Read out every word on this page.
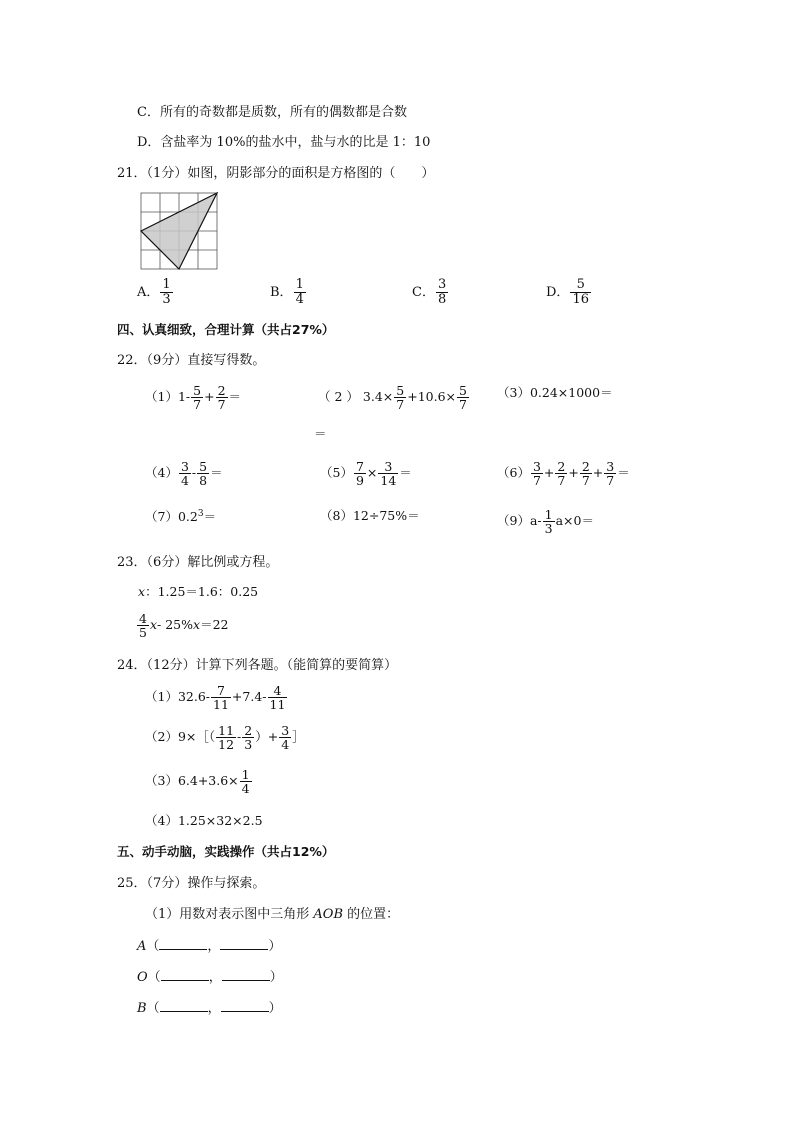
C．所有的奇数都是质数，所有的偶数都是合数
D．含盐率为 10%的盐水中，盐与水的比是 1：10
21．（1分）如图，阴影部分的面积是方格图的（　　）
A． $\frac{1}{3}$	B． $\frac{1}{4}$	C． $\frac{3}{8}$	D． $\frac{5}{16}$
四、认真细致，合理计算（共占27%）
22．（9分）直接写得数。
（1） $1- \frac{5}{7} + \frac{2}{7}$ ＝	（ 2 ） $3.4\times \frac{5}{7} +10.6\times \frac{5}{7}$
＝
（3）0.24×1000＝
$(4) \frac{3}{4} - \frac{5}{8}$ ＝	$(5) \frac{7}{9} \times \frac{3}{14}$ ＝	$(6) \frac{3}{7} + \frac{2}{7} + \frac{2}{7} + \frac{3}{7}$ ＝
$(7)0.2^3=$	（8）12÷75%＝	（9） $a- \frac{1}{3} a\times 0=$
23．（6分）解比例或方程。
x：1.25＝1.6：0.25
$\frac{4}{5}$ x - 25% x ＝22
24．（12分）计算下列各题。（能简算的要简算）
（1） $32.6- \frac{7}{11} +7.4- \frac{4}{11}$
（2） 9×［（ $\frac{11}{12} - \frac{2}{3}$ ）+ $\frac{3}{4}$ ］
（3） $6.4+3.6\times \frac{1}{4}$
（4）1.25×32×2.5
五、动手动脑，实践操作（共占12%）
25．（7分）操作与探索。
（1）用数对表示图中三角形 AOB 的位置：
A（	，	）
O（	，	）
B（	，	）
